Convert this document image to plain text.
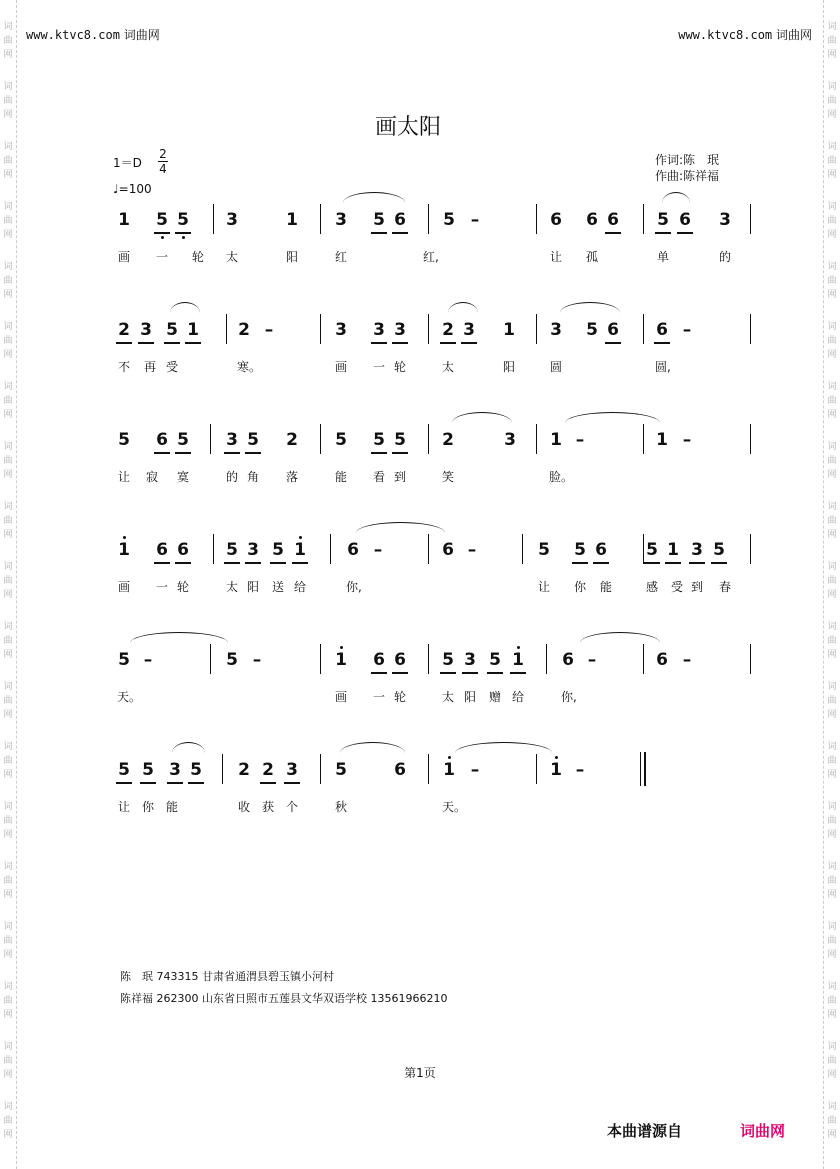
词
曲
网
词
曲
网
词
曲
网
词
曲
网
词
曲
网
词
曲
网
词
曲
网
词
曲
网
词
曲
网
词
曲
网
词
曲
网
词
曲
网
词
曲
网
词
曲
网
词
曲
网
词
曲
网
词
曲
网
词
曲
网
词
曲
网
词
曲
网
词
曲
网
词
曲
网
词
曲
网
词
曲
网
词
曲
网
词
曲
网
词
曲
网
词
曲
网
词
曲
网
词
曲
网
词
曲
网
词
曲
网
词
曲
网
词
曲
网
词
曲
网
词
曲
网
词
曲
网
词
曲
网
www.ktvc8.com 词曲网	www.ktvc8.com 词曲网
画太阳
1＝D
2
4
♩=100
作词:陈　珉
作曲:陈祥福
1 5 5 3	1 3 5 6 5 –	6 6 6 5 6 3
画 一 轮 太	阳	红	红,	让 孤	单	的
2 3 5 1 2 –	3 3 3 2 3 1 3 5 6 6 –
不 再 受	寒。	画 一 轮	太	阳	圆	圆,
5 6 5 3 5 2 5 5 5 2	3 1 –	1 –
让 寂 寞	的 角 落	能 看 到	笑	脸。
1 6 6 5 3 5 1 6 –	6 –	5 5 6 5 1 3 5
画 一 轮	太 阳 送 给	你,	让 你 能	感 受 到 春
5 –	5 –	1 6 6 5 3 5 1 6 –	6 –
天。	画 一 轮	太 阳 赠 给	你,
5 5 3 5 2 2 3 5	6 1 –	1 –
让 你 能	收 获 个	秋	天。
陈　珉 743315 甘肃省通渭县碧玉镇小河村
陈祥福 262300 山东省日照市五莲县文华双语学校 13561966210
第1页
本曲谱源自	词曲网
